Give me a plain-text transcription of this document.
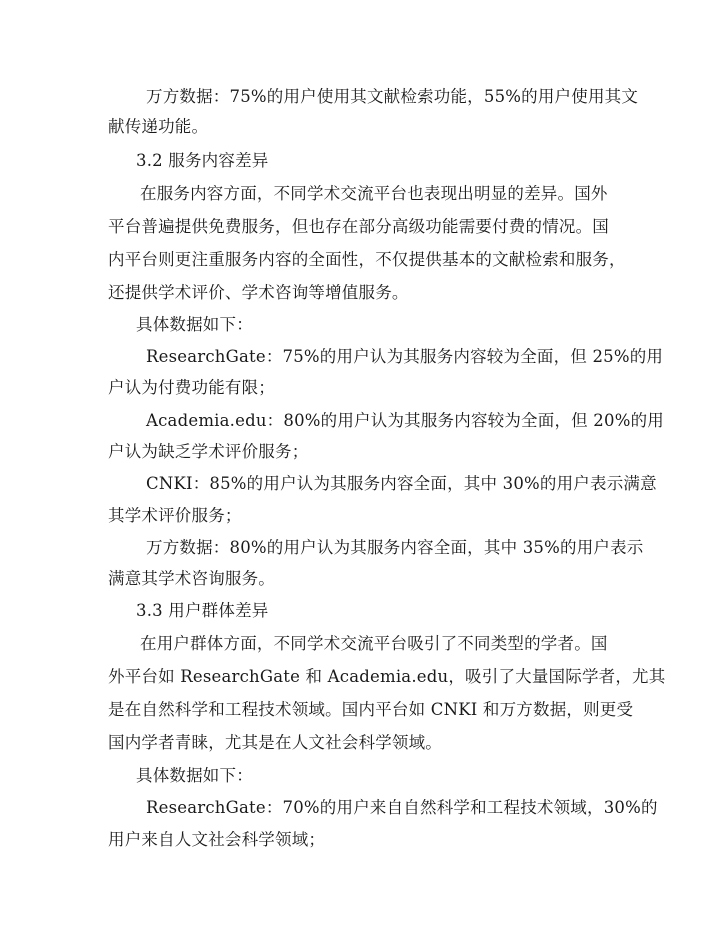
万方数据：75%的用户使用其文献检索功能，55%的用户使用其文
献传递功能。
3.2 服务内容差异
在服务内容方面，不同学术交流平台也表现出明显的差异。国外
平台普遍提供免费服务，但也存在部分高级功能需要付费的情况。国
内平台则更注重服务内容的全面性，不仅提供基本的文献检索和服务，
还提供学术评价、学术咨询等增值服务。
具体数据如下：
ResearchGate：75%的用户认为其服务内容较为全面，但 25%的用
户认为付费功能有限；
Academia.edu：80%的用户认为其服务内容较为全面，但 20%的用
户认为缺乏学术评价服务；
CNKI：85%的用户认为其服务内容全面，其中 30%的用户表示满意
其学术评价服务；
万方数据：80%的用户认为其服务内容全面，其中 35%的用户表示
满意其学术咨询服务。
3.3 用户群体差异
在用户群体方面，不同学术交流平台吸引了不同类型的学者。国
外平台如 ResearchGate 和 Academia.edu，吸引了大量国际学者，尤其
是在自然科学和工程技术领域。国内平台如 CNKI 和万方数据，则更受
国内学者青睐，尤其是在人文社会科学领域。
具体数据如下：
ResearchGate：70%的用户来自自然科学和工程技术领域，30%的
用户来自人文社会科学领域；
